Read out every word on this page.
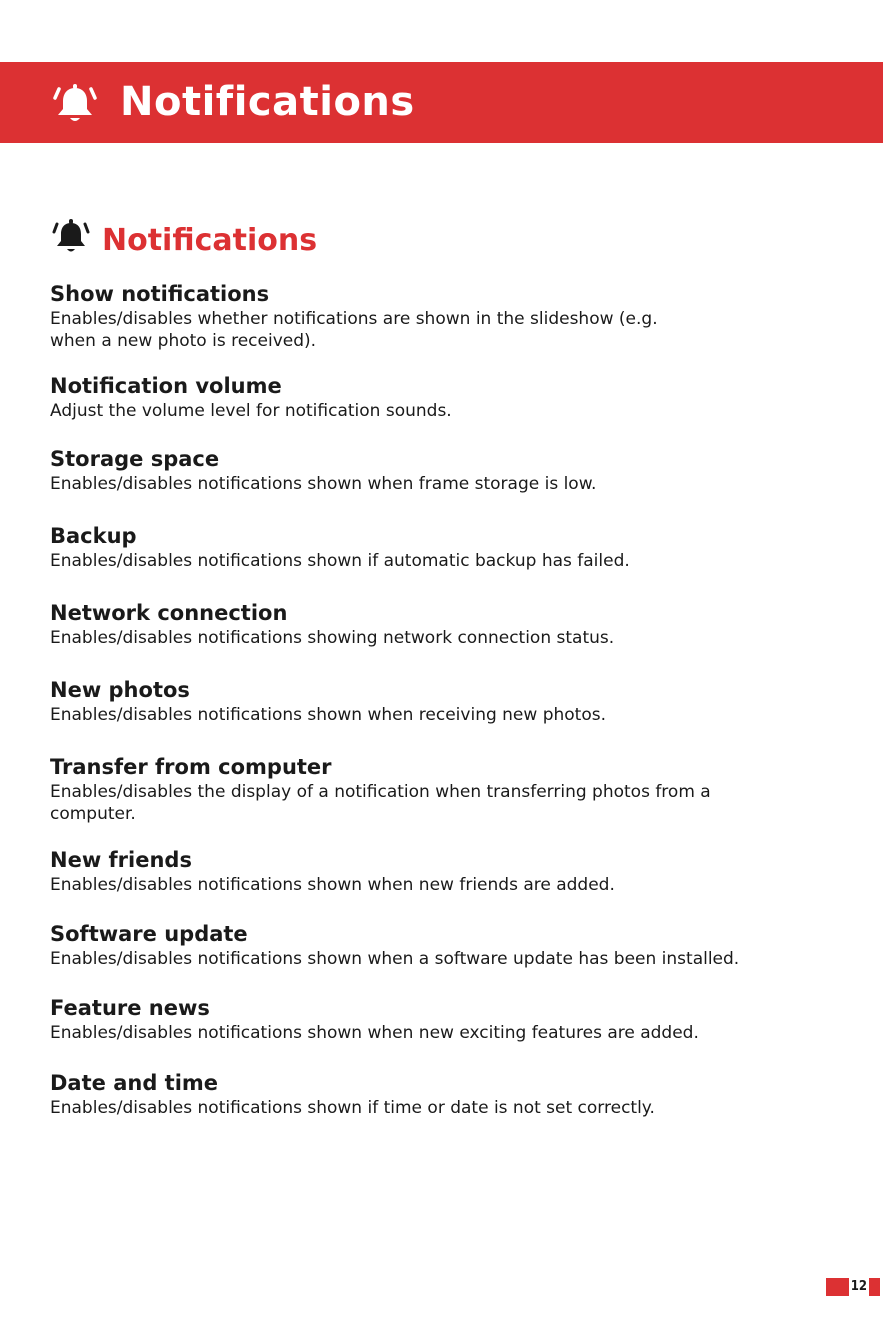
Notifications
Notifications

Show notifications

Enables/disables whether notifications are shown in the slideshow (e.g. when a new photo is received).

Notification volume

Adjust the volume level for notification sounds.

Storage space

Enables/disables notifications shown when frame storage is low.

Backup

Enables/disables notifications shown if automatic backup has failed.

Network connection

Enables/disables notifications showing network connection status.

New photos

Enables/disables notifications shown when receiving new photos.

Transfer from computer

Enables/disables the display of a notification when transferring photos from a computer.

New friends

Enables/disables notifications shown when new friends are added.

Software update

Enables/disables notifications shown when a software update has been installed.

Feature news

Enables/disables notifications shown when new exciting features are added.

Date and time

Enables/disables notifications shown if time or date is not set correctly.

12
